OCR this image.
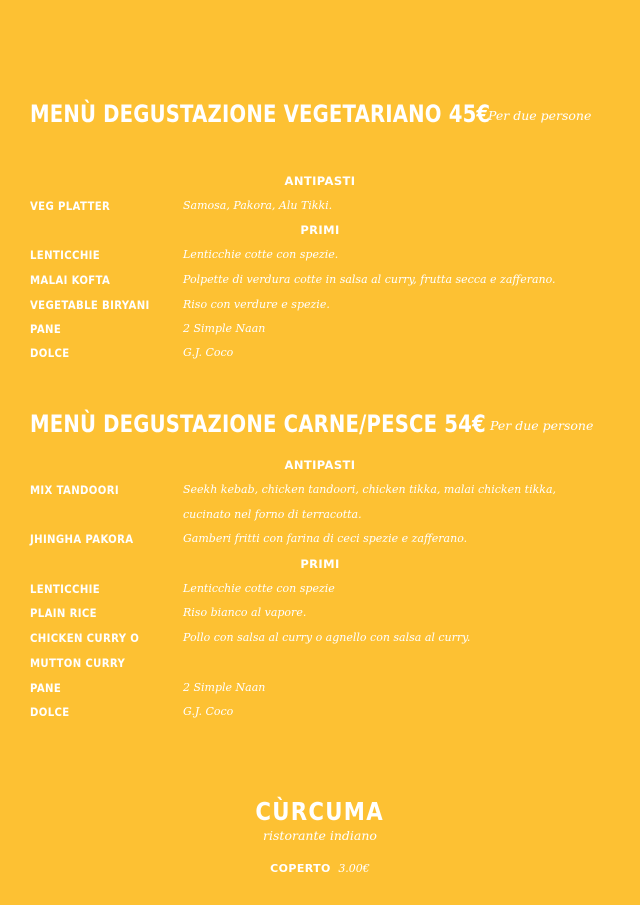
MENÙ DEGUSTAZIONE VEGETARIANO 45€
Per due persone
ANTIPASTI
VEG PLATTER	Samosa, Pakora, Alu Tikki.
PRIMI
LENTICCHIE	Lenticchie cotte con spezie.
MALAI KOFTA	Polpette di verdura cotte in salsa al curry, frutta secca e zafferano.
VEGETABLE BIRYANI	Riso con verdure e spezie.
PANE	2 Simple Naan
DOLCE	G.J. Coco
MENÙ DEGUSTAZIONE CARNE/PESCE 54€ Per due persone
ANTIPASTI
MIX TANDOORI	Seekh kebab, chicken tandoori, chicken tikka, malai chicken tikka,
cucinato nel forno di terracotta.
JHINGHA PAKORA	Gamberi fritti con farina di ceci spezie e zafferano.
PRIMI
LENTICCHIE	Lenticchie cotte con spezie
PLAIN RICE	Riso bianco al vapore.
CHICKEN CURRY O	Pollo con salsa al curry o agnello con salsa al curry.
MUTTON CURRY
PANE	2 Simple Naan
DOLCE	G.J. Coco
CÙRCUMA
ristorante indiano
COPERTO 3.00€
